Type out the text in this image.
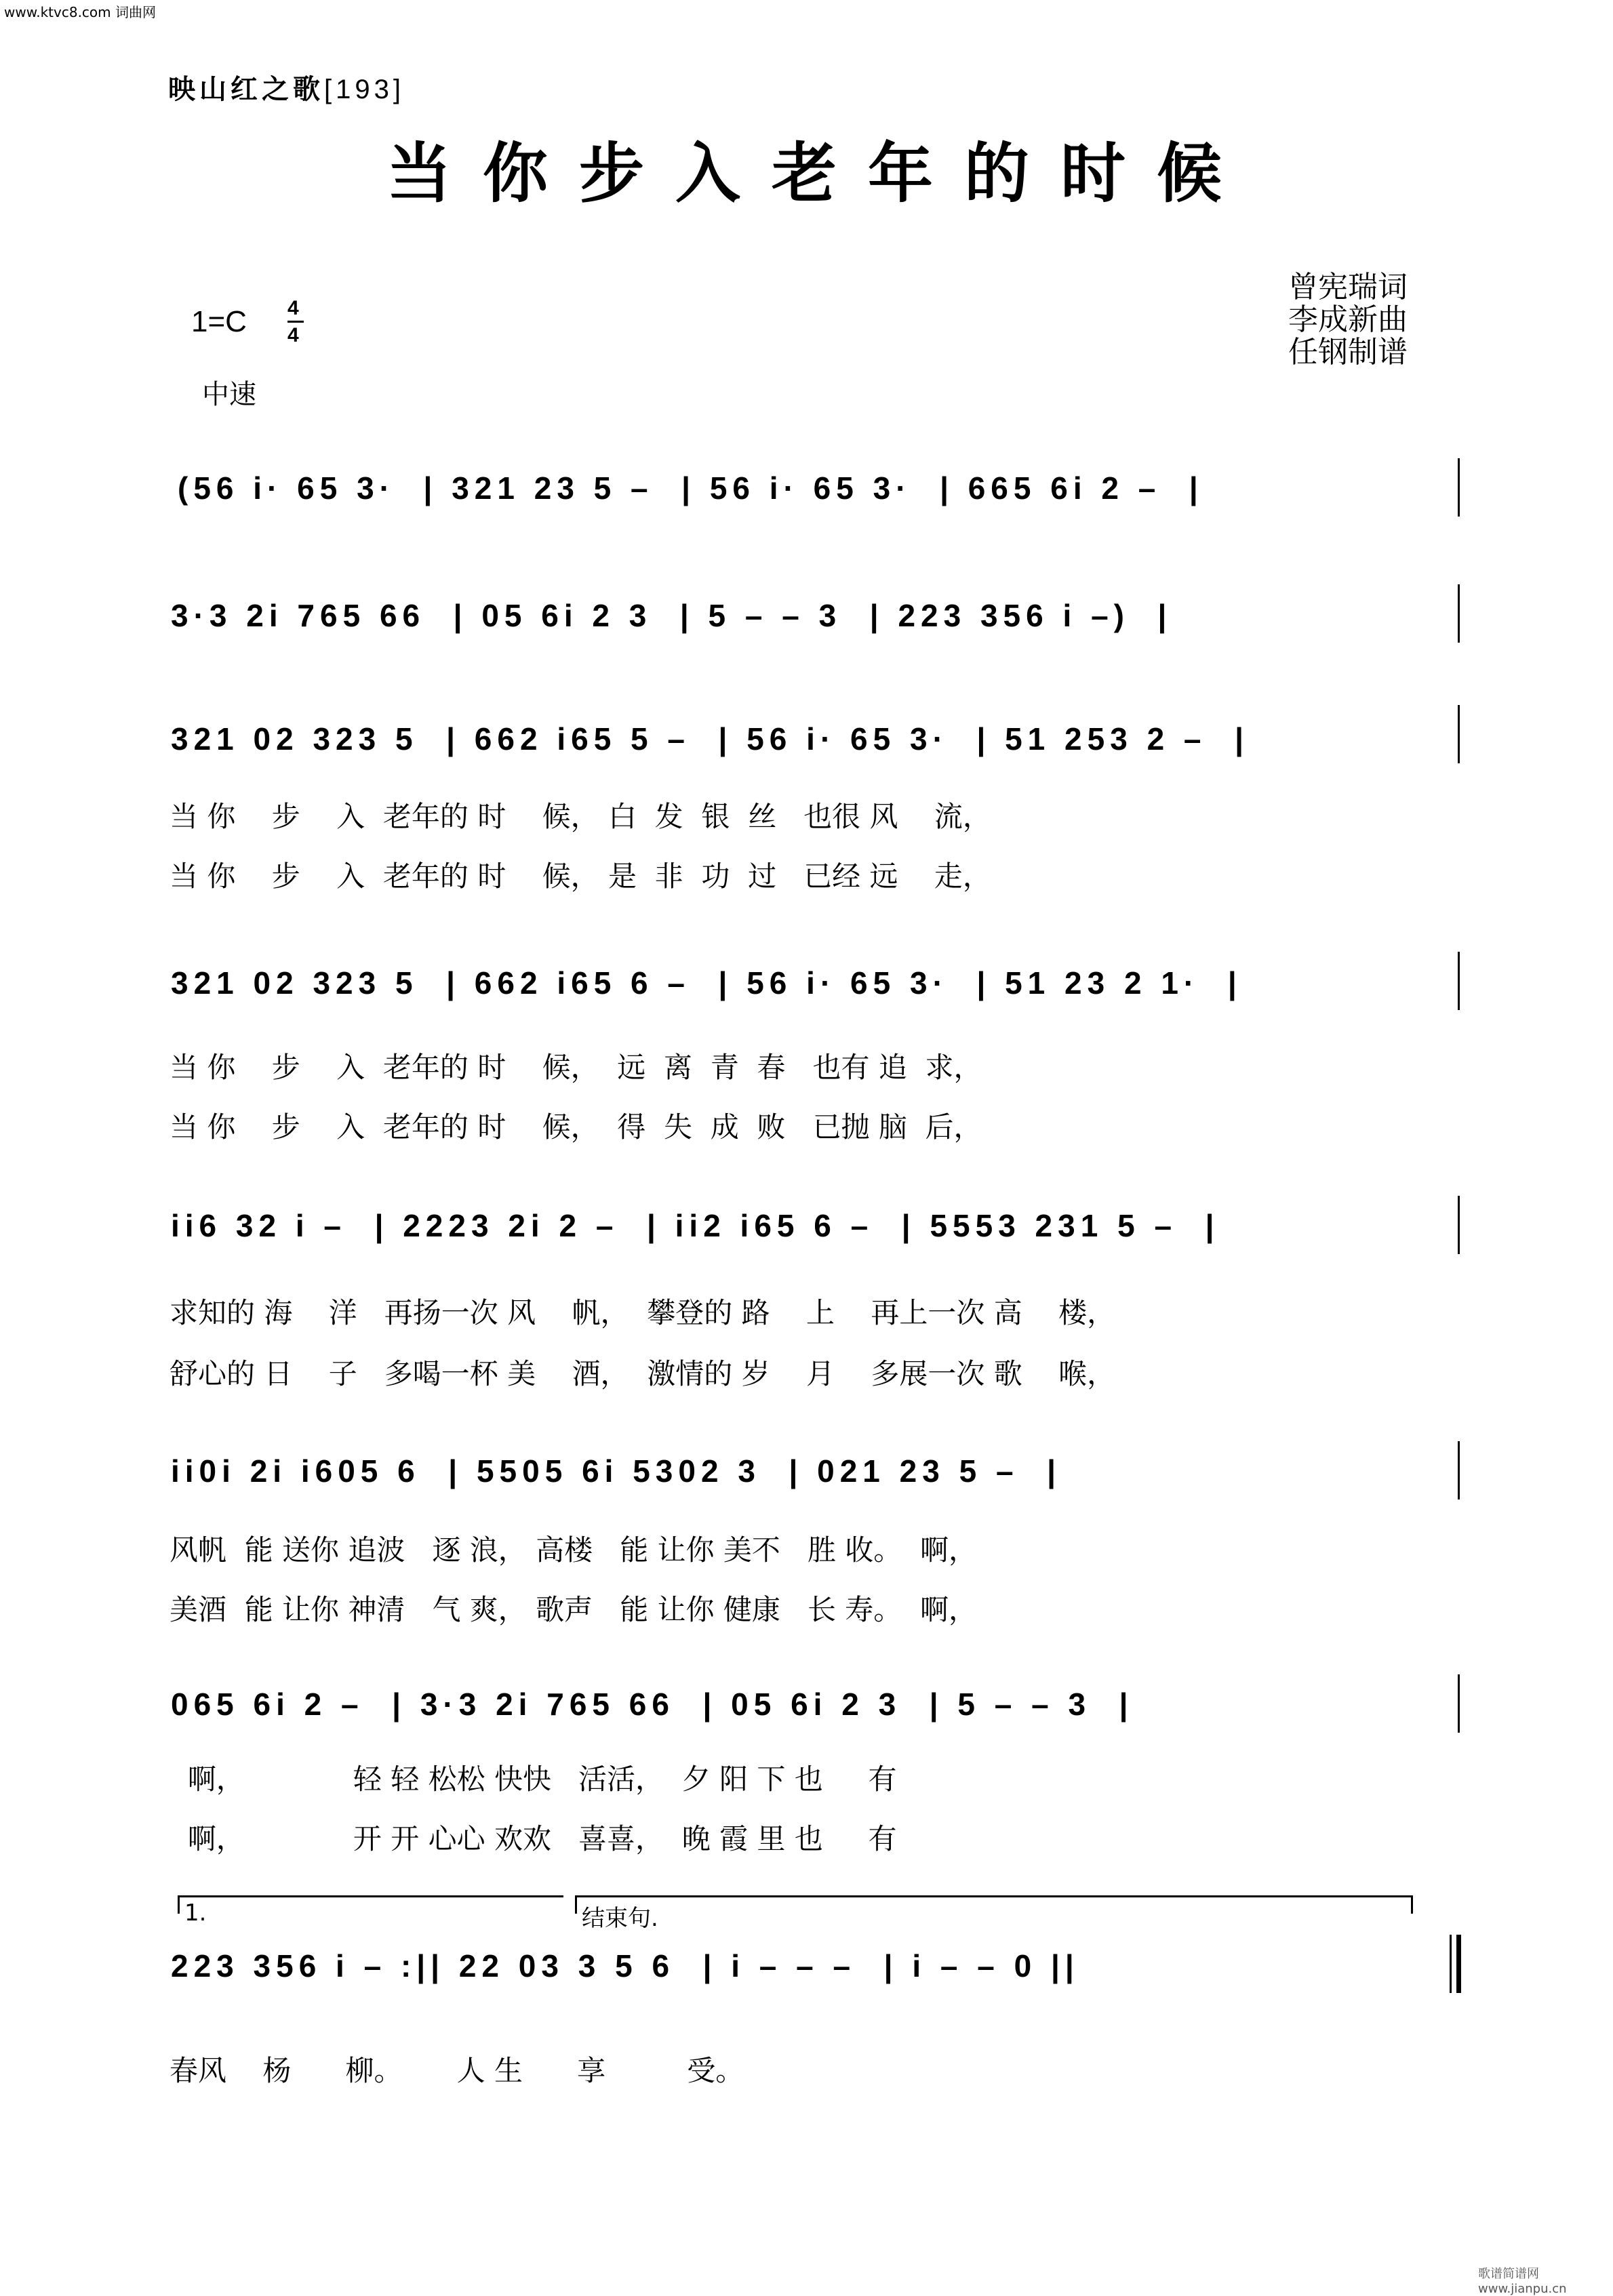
www.ktvc8.com 词曲网
映山红之歌[193]
当你步入老年的时候
曾宪瑞词
李成新曲
任钢制谱
1=C 4
4
中速
(56 i· 65 3·  | 321 23 5 –  | 56 i· 65 3·  | 665 6i 2 –  |
3·3 2i 765 66  | 05 6i 2 3  | 5 – – 3  | 223 356 i –)  |
321 02 323 5  | 662 i65 5 –  | 56 i· 65 3·  | 51 253 2 –  |
当 你    步    入  老年的 时    候， 白  发  银  丝   也很 风    流，
当 你    步    入  老年的 时    候， 是  非  功  过   已经 远    走，
321 02 323 5  | 662 i65 6 –  | 56 i· 65 3·  | 51 23 2 1·  |
当 你    步    入  老年的 时    候，  远  离  青  春   也有 追  求，
当 你    步    入  老年的 时    候，  得  失  成  败   已抛 脑  后，
ii6 32 i –  | 2223 2i 2 –  | ii2 i65 6 –  | 5553 231 5 –  |
求知的 海    洋   再扬一次 风    帆，  攀登的 路    上    再上一次 高    楼，
舒心的 日    子   多喝一杯 美    酒，  激情的 岁    月    多展一次 歌    喉，
ii0i 2i i605 6  | 5505 6i 5302 3  | 021 23 5 –  |
风帆  能 送你 追波   逐 浪， 高楼   能 让你 美不   胜 收。  啊，
美酒  能 让你 神清   气 爽， 歌声   能 让你 健康   长 寿。  啊，
065 6i 2 –  | 3·3 2i 765 66  | 05 6i 2 3  | 5 – – 3  |
啊，            轻 轻 松松 快快   活活，  夕 阳 下 也     有
啊，            开 开 心心 欢欢   喜喜，  晚 霞 里 也     有
1.	结束句.
223 356 i – :|| 22 03 3 5 6  | i – – –  | i – – 0 ||
春风    杨      柳。      人 生      享         受。
歌谱简谱网 www.jianpu.cn
